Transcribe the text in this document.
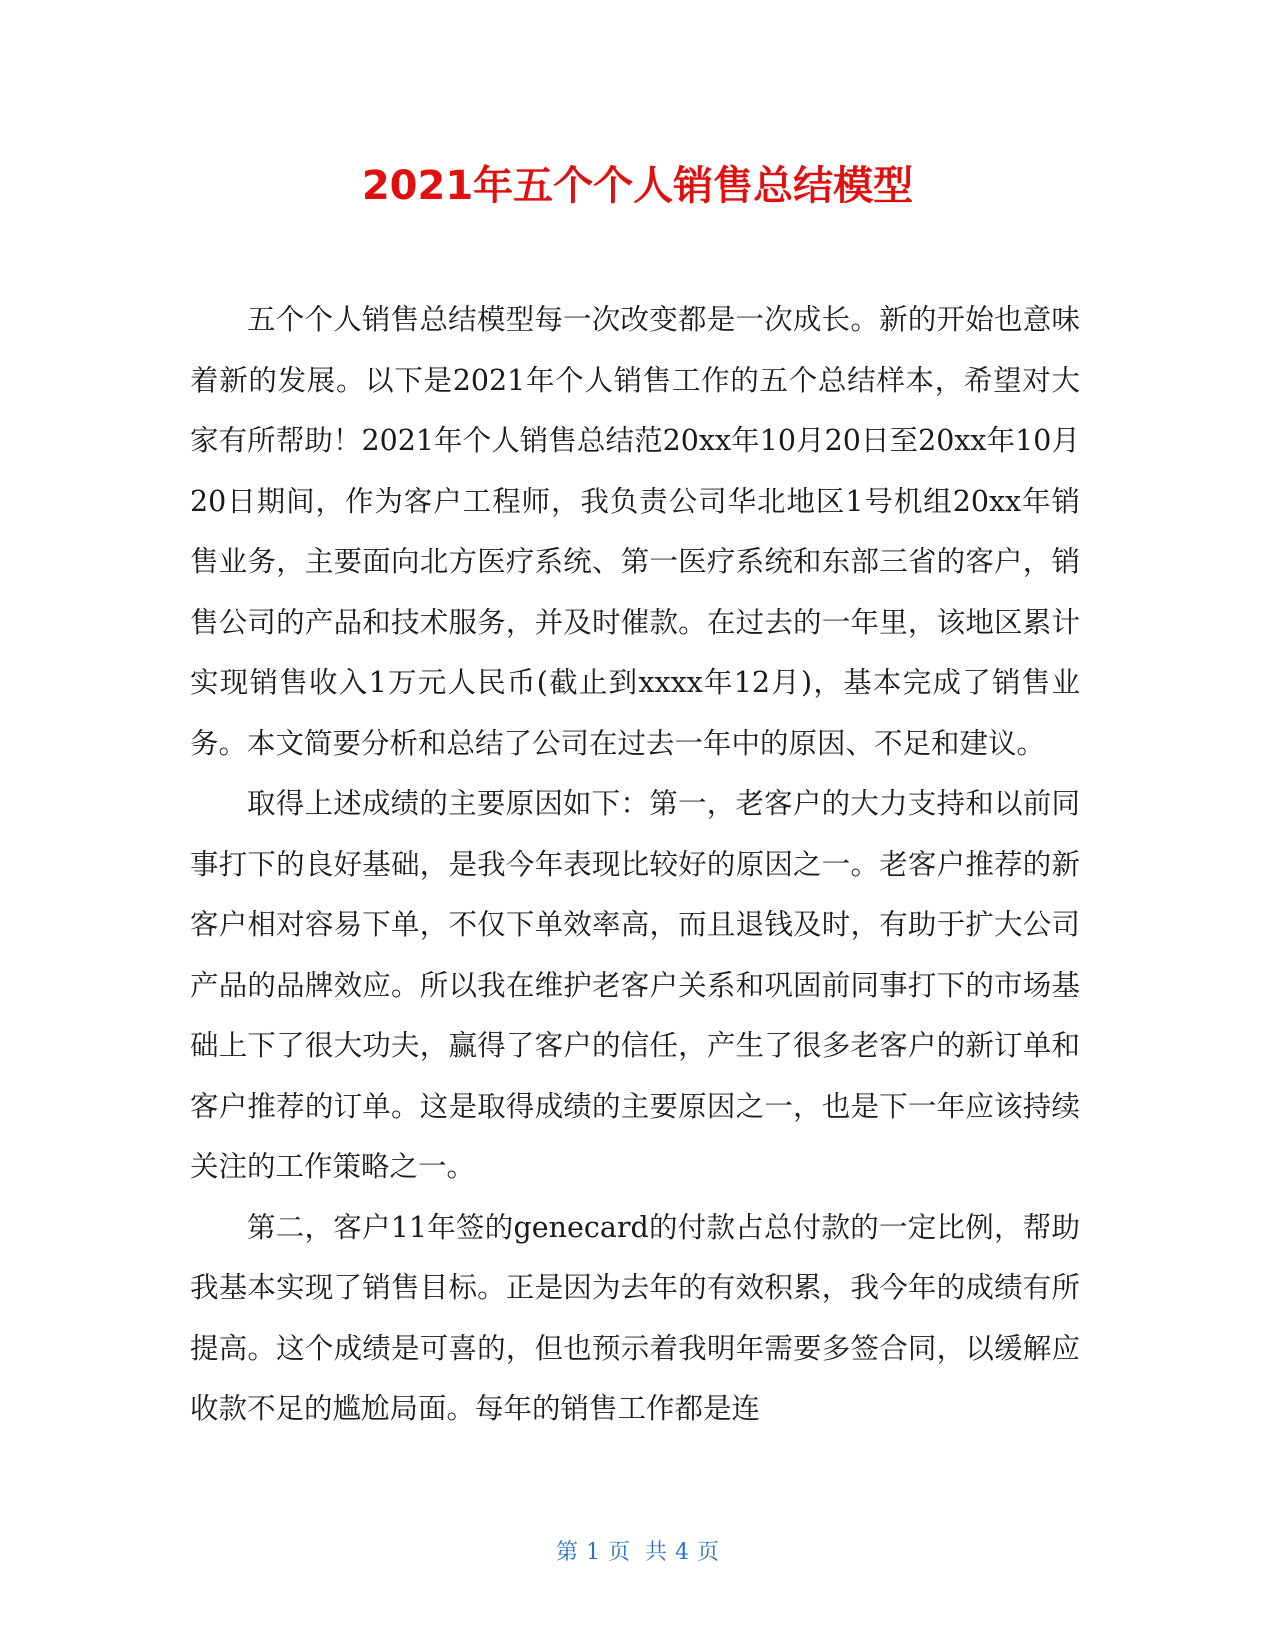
2021年五个个人销售总结模型

五个个人销售总结模型每一次改变都是一次成长。新的开始也意味着新的发展。以下是2021年个人销售工作的五个总结样本，希望对大家有所帮助！2021年个人销售总结范20xx年10月20日至20xx年10月20日期间，作为客户工程师，我负责公司华北地区1号机组20xx年销售业务，主要面向北方医疗系统、第一医疗系统和东部三省的客户，销售公司的产品和技术服务，并及时催款。在过去的一年里，该地区累计实现销售收入1万元人民币(截止到xxxx年12月)，基本完成了销售业务。本文简要分析和总结了公司在过去一年中的原因、不足和建议。

取得上述成绩的主要原因如下：第一，老客户的大力支持和以前同事打下的良好基础，是我今年表现比较好的原因之一。老客户推荐的新客户相对容易下单，不仅下单效率高，而且退钱及时，有助于扩大公司产品的品牌效应。所以我在维护老客户关系和巩固前同事打下的市场基础上下了很大功夫，赢得了客户的信任，产生了很多老客户的新订单和客户推荐的订单。这是取得成绩的主要原因之一，也是下一年应该持续关注的工作策略之一。

第二，客户11年签的genecard的付款占总付款的一定比例，帮助我基本实现了销售目标。正是因为去年的有效积累，我今年的成绩有所提高。这个成绩是可喜的，但也预示着我明年需要多签合同，以缓解应收款不足的尴尬局面。每年的销售工作都是连

第 1 页 共 4 页
